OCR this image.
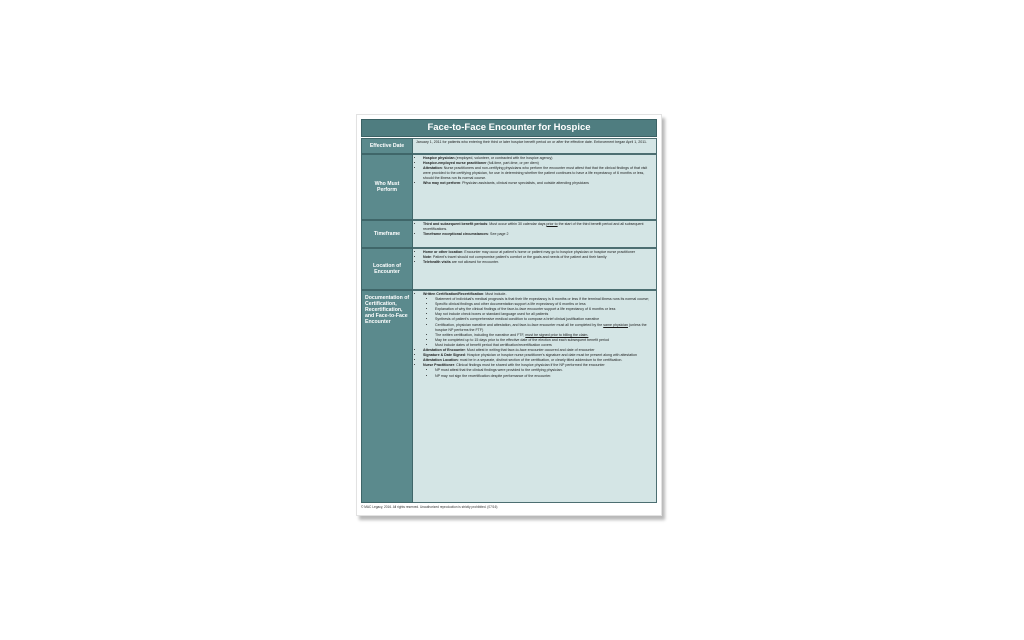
Face-to-Face Encounter for Hospice
Effective Date
January 1, 2011 for patients who entering their third or later hospice benefit period on or after the effective date. Enforcement began April 1, 2011.
Who Must Perform
• Hospice physician (employed, volunteer, or contracted with the hospice agency)
• Hospice-employed nurse practitioner (full-time, part-time, or per diem)
• Attestation: Nurse practitioners and non-certifying physicians who perform the encounter must attest that that the clinical findings of that visit were provided to the certifying physician, for use in determining whether the patient continues to have a life expectancy of 6 months or less, should the illness run its normal course.
• Who may not perform: Physician assistants, clinical nurse specialists, and outside attending physicians
Timeframe
• Third and subsequent benefit periods: Must occur within 30 calendar days prior to the start of the third benefit period and all subsequent recertifications.
• Timeframe exceptional circumstances: See page 2
Location of Encounter
• Home or other location: Encounter may occur at patient's home or patient may go to hospice physician or hospice nurse practitioner
• Note: Patient's travel should not compromise patient's comfort or the goals and needs of the patient and their family
• Telehealth visits are not allowed for encounter.
Documentation of Certification, Recertification, and Face-to-Face Encounter
• Written Certification/Recertification: Must include-
• Statement of individual's medical prognosis is that their life expectancy is 6 months or less if the terminal illness runs its normal course;
• Specific clinical findings and other documentation support a life expectancy of 6 months or less
• Explanation of why the clinical findings of the face-to-face encounter support a life expectancy of 6 months or less
• May not include check boxes or standard language used for all patients
• Synthesis of patient's comprehensive medical condition to compose a brief clinical justification narrative
• Certification, physician narrative and attestation, and face-to-face encounter must all be completed by the same physician (unless the hospice NP performs the FTF)
• The written certification, including the narrative and FTF, must be signed prior to billing the claim.
• May be completed up to 15 days prior to the effective date of the election and each subsequent benefit period
• Must include dates of benefit period that certification/recertification covers
• Attestation of Encounter: Must attest in writing that face-to-face encounter occurred and date of encounter
• Signature & Date Signed: Hospice physician or hospice nurse practitioner's signature and date must be present along with attestation
• Attestation Location: must be in a separate, distinct section of the certification, or clearly titled addendum to the certification.
• Nurse Practitioner: Clinical findings must be shared with the hospice physician if the NP performed the encounter
• NP must attest that the clinical findings were provided to the certifying physician.
• NP may not sign the recertification despite performance of the encounter.
© MAC Legacy, 2016. All rights reserved. Unauthorized reproduction is strictly prohibited. (07/16)
